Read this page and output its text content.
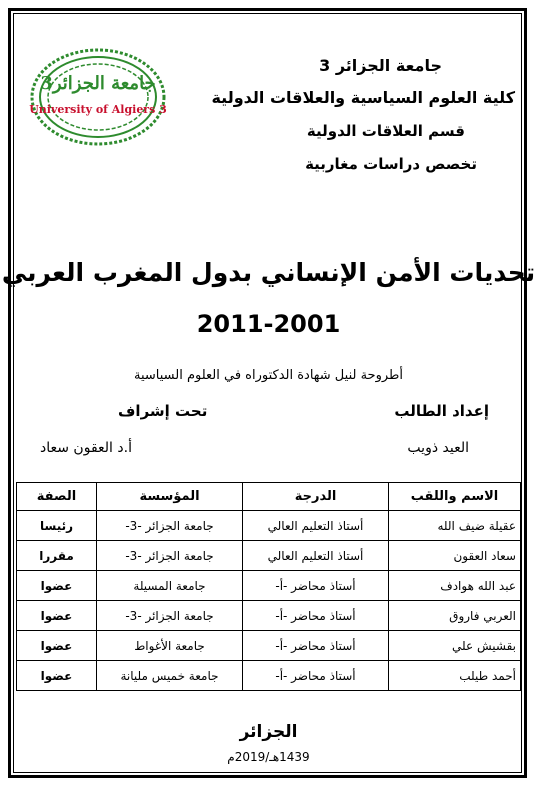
جامعة الجزائر3
University of Algiers 3
جامعة الجزائر 3
كلية العلوم السياسية والعلاقات الدولية
قسم العلاقات الدولية
تخصص دراسات مغاربية
تحديات الأمن الإنساني بدول المغرب العربي
2011-2001
أطروحة لنيل شهادة الدكتوراه في العلوم السياسية
إعداد الطالب
تحت إشراف
العيد ذويب
أ.د العقون سعاد
الاسم واللقب	الدرجة	المؤسسة	الصفة
عقيلة ضيف الله	أستاذ التعليم العالي	جامعة الجزائر -3-	رئيسا
سعاد العقون	أستاذ التعليم العالي	جامعة الجزائر -3-	مقررا
عبد الله هوادف	أستاذ محاضر -أ-	جامعة المسيلة	عضوا
العربي فاروق	أستاذ محاضر -أ-	جامعة الجزائر -3-	عضوا
بقشيش علي	أستاذ محاضر -أ-	جامعة الأغواط	عضوا
أحمد طيلب	أستاذ محاضر -أ-	جامعة خميس مليانة	عضوا
الجزائر
1439هـ/2019م
